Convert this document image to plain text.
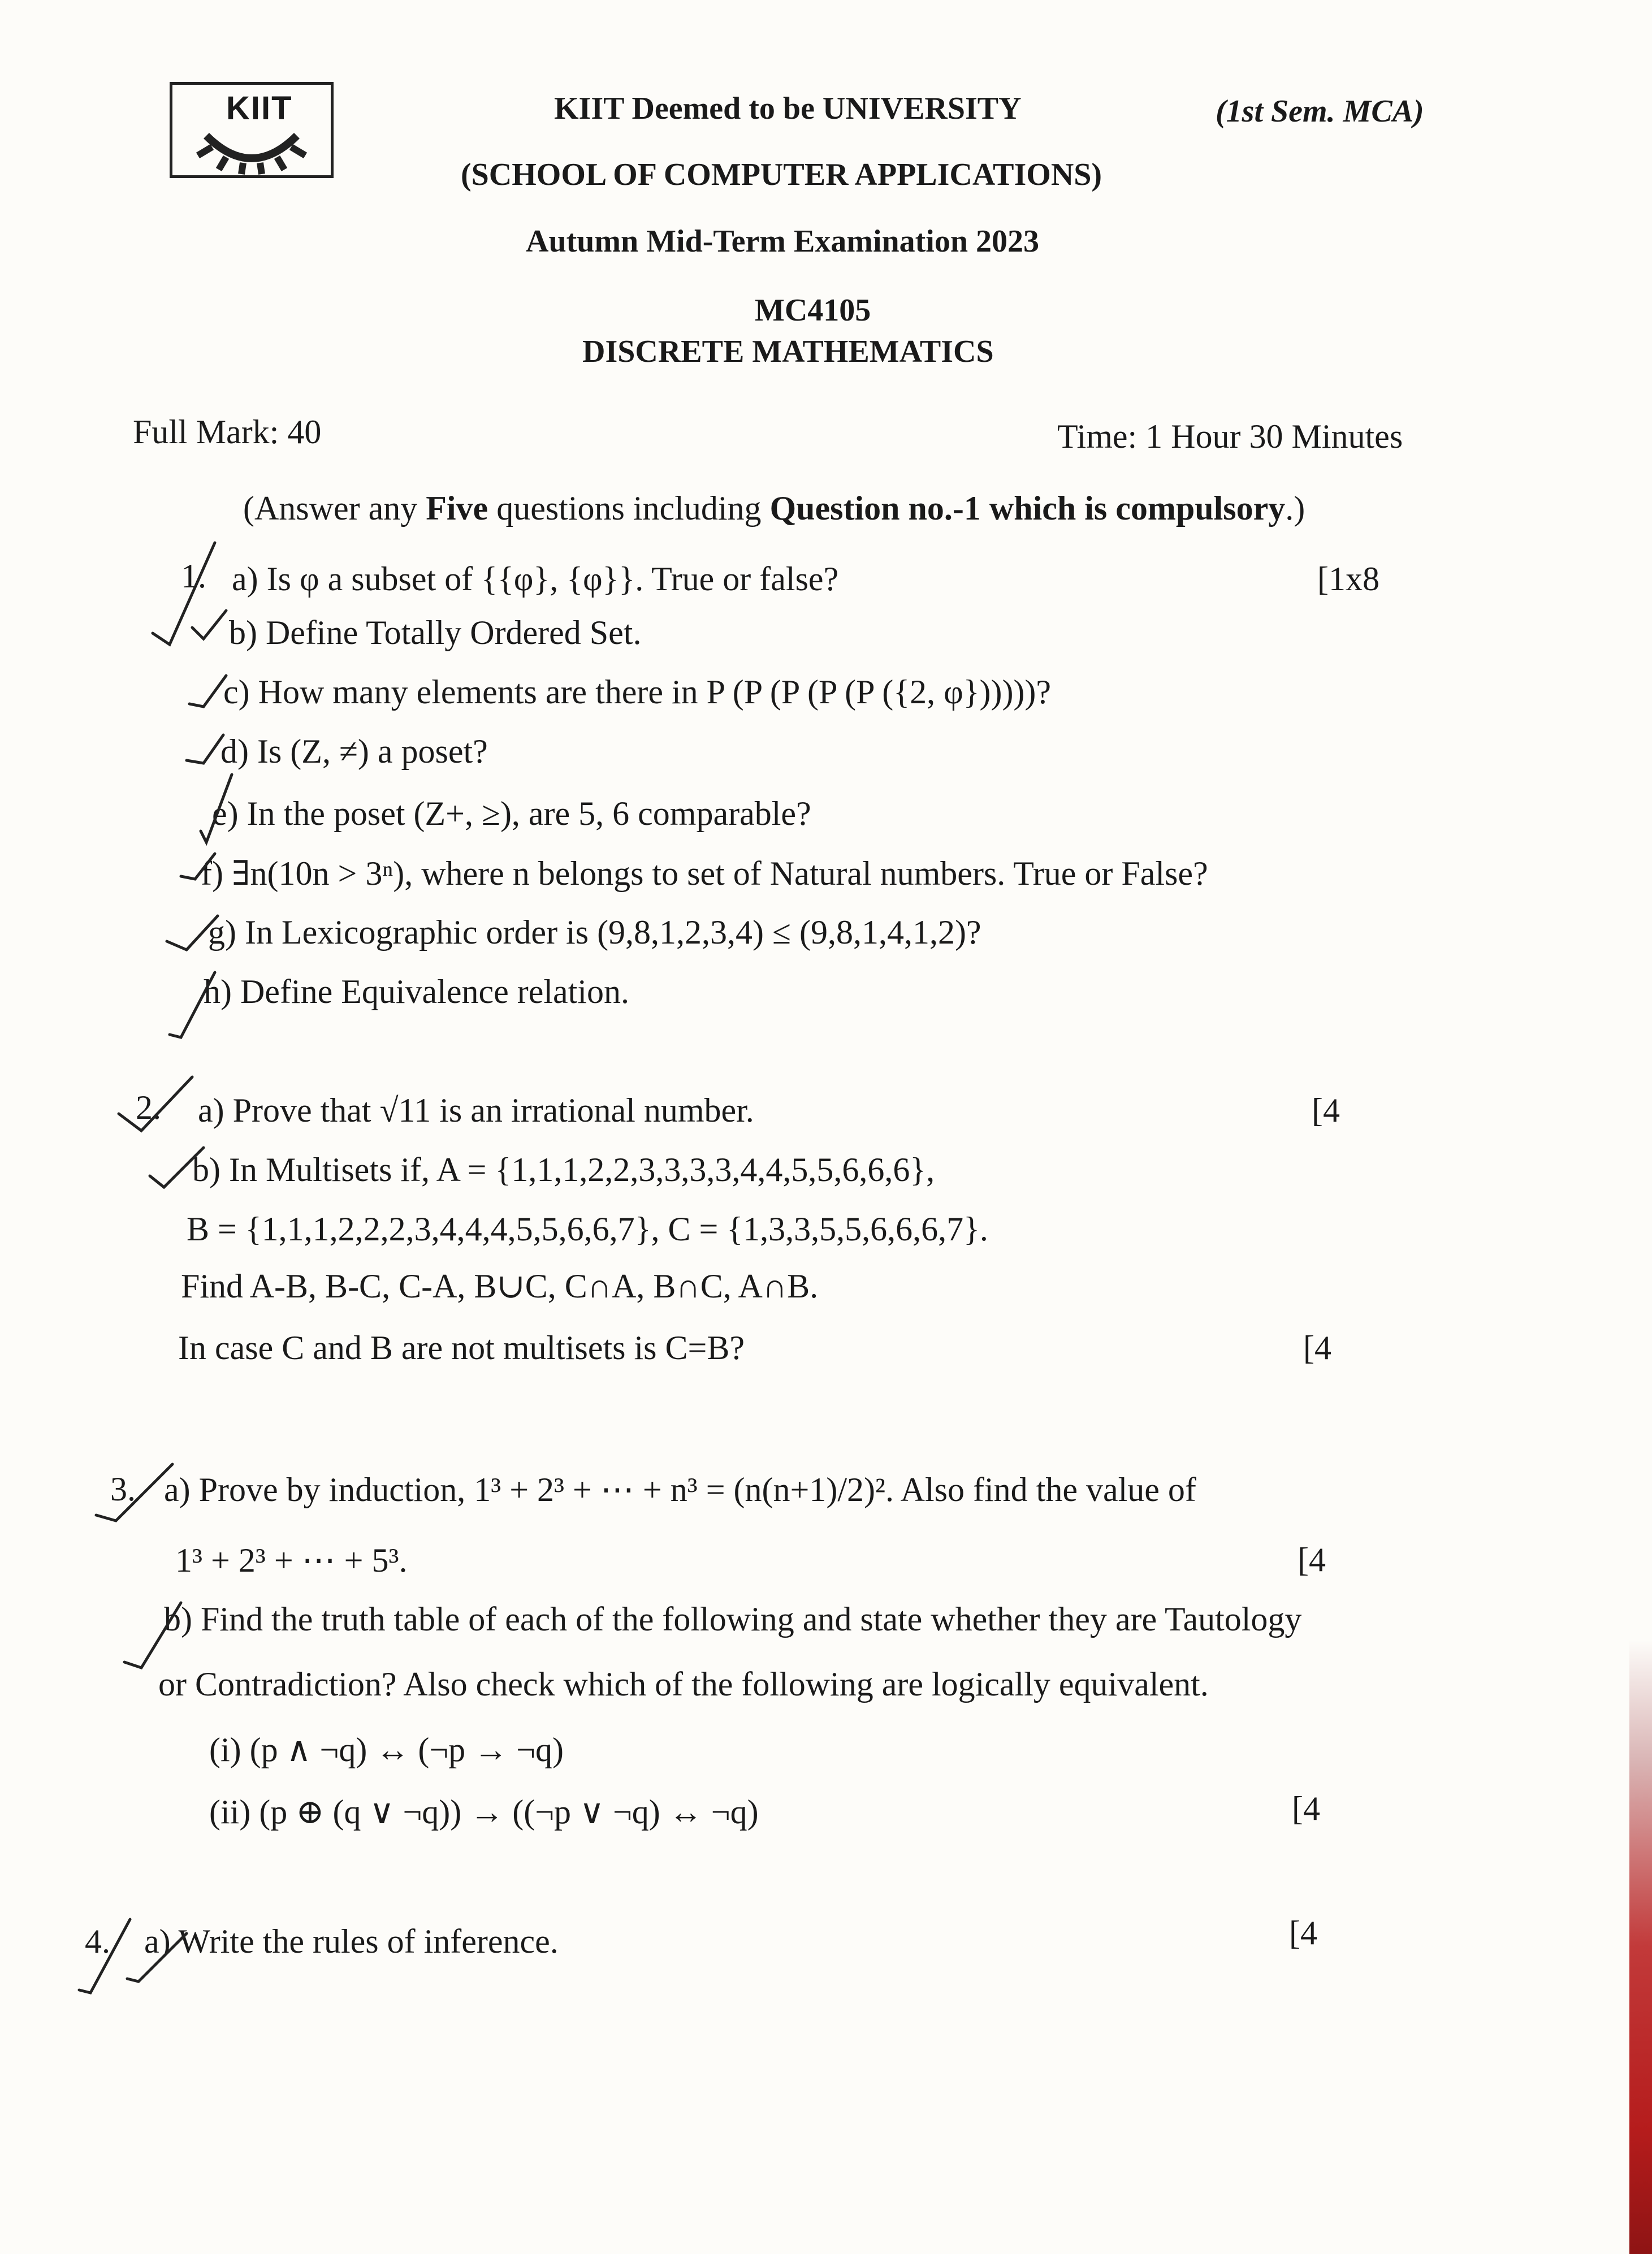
KIIT	KIIT Deemed to be UNIVERSITY	(1st Sem. MCA)
(SCHOOL OF COMPUTER APPLICATIONS)
Autumn Mid-Term Examination 2023
MC4105
DISCRETE MATHEMATICS
Full Mark: 40	Time: 1 Hour 30 Minutes
(Answer any Five questions including Question no.-1 which is compulsory.)
1. a) Is φ a subset of {{φ}, {φ}}. True or false?	[1x8
b) Define Totally Ordered Set.
c) How many elements are there in P (P (P (P (P ({2, φ})))))?
d) Is (Z, ≠) a poset?
e) In the poset (Z+, ≥), are 5, 6 comparable?
f) ∃n(10n > 3ⁿ), where n belongs to set of Natural numbers. True or False?
g) In Lexicographic order is (9,8,1,2,3,4) ≤ (9,8,1,4,1,2)?
h) Define Equivalence relation.
2. a) Prove that √11 is an irrational number.	[4
b) In Multisets if, A = {1,1,1,2,2,3,3,3,3,4,4,5,5,6,6,6},
B = {1,1,1,2,2,2,3,4,4,4,5,5,6,6,7}, C = {1,3,3,5,5,6,6,6,7}.
Find A-B, B-C, C-A, B∪C, C∩A, B∩C, A∩B.
In case C and B are not multisets is C=B?	[4
3. a) Prove by induction, 1³ + 2³ + ⋯ + n³ = (n(n+1)/2)². Also find the value of
1³ + 2³ + ⋯ + 5³.	[4
b) Find the truth table of each of the following and state whether they are Tautology
or Contradiction? Also check which of the following are logically equivalent.
(i) (p ∧ ¬q) ↔ (¬p → ¬q)
(ii) (p ⊕ (q ∨ ¬q)) → ((¬p ∨ ¬q) ↔ ¬q)	[4
4. a) Write the rules of inference.	[4
